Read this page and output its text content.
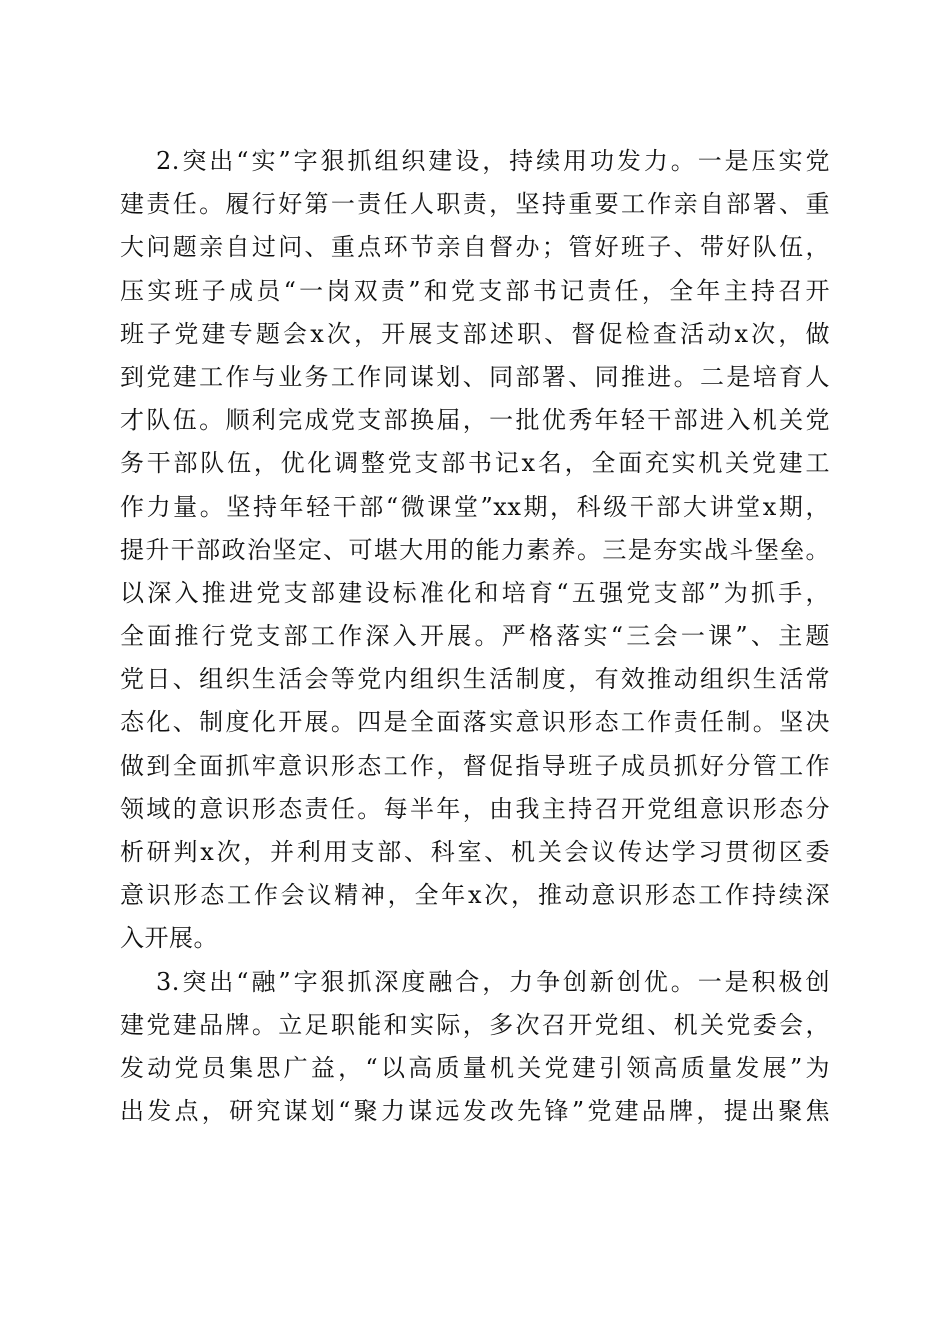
2.突出“实”字狠抓组织建设，持续用功发力。一是压实党
建责任。履行好第一责任人职责，坚持重要工作亲自部署、重
大问题亲自过问、重点环节亲自督办；管好班子、带好队伍，
压实班子成员“一岗双责”和党支部书记责任，全年主持召开
班子党建专题会x次，开展支部述职、督促检查活动x次，做
到党建工作与业务工作同谋划、同部署、同推进。二是培育人
才队伍。顺利完成党支部换届，一批优秀年轻干部进入机关党
务干部队伍，优化调整党支部书记x名，全面充实机关党建工
作力量。坚持年轻干部“微课堂”xx期，科级干部大讲堂x期，
提升干部政治坚定、可堪大用的能力素养。三是夯实战斗堡垒。
以深入推进党支部建设标准化和培育“五强党支部”为抓手，
全面推行党支部工作深入开展。严格落实“三会一课”、主题
党日、组织生活会等党内组织生活制度，有效推动组织生活常
态化、制度化开展。四是全面落实意识形态工作责任制。坚决
做到全面抓牢意识形态工作，督促指导班子成员抓好分管工作
领域的意识形态责任。每半年，由我主持召开党组意识形态分
析研判x次，并利用支部、科室、机关会议传达学习贯彻区委
意识形态工作会议精神，全年x次，推动意识形态工作持续深
入开展。
3.突出“融”字狠抓深度融合，力争创新创优。一是积极创
建党建品牌。立足职能和实际，多次召开党组、机关党委会，
发动党员集思广益，“以高质量机关党建引领高质量发展”为
出发点，研究谋划“聚力谋远发改先锋”党建品牌，提出聚焦
